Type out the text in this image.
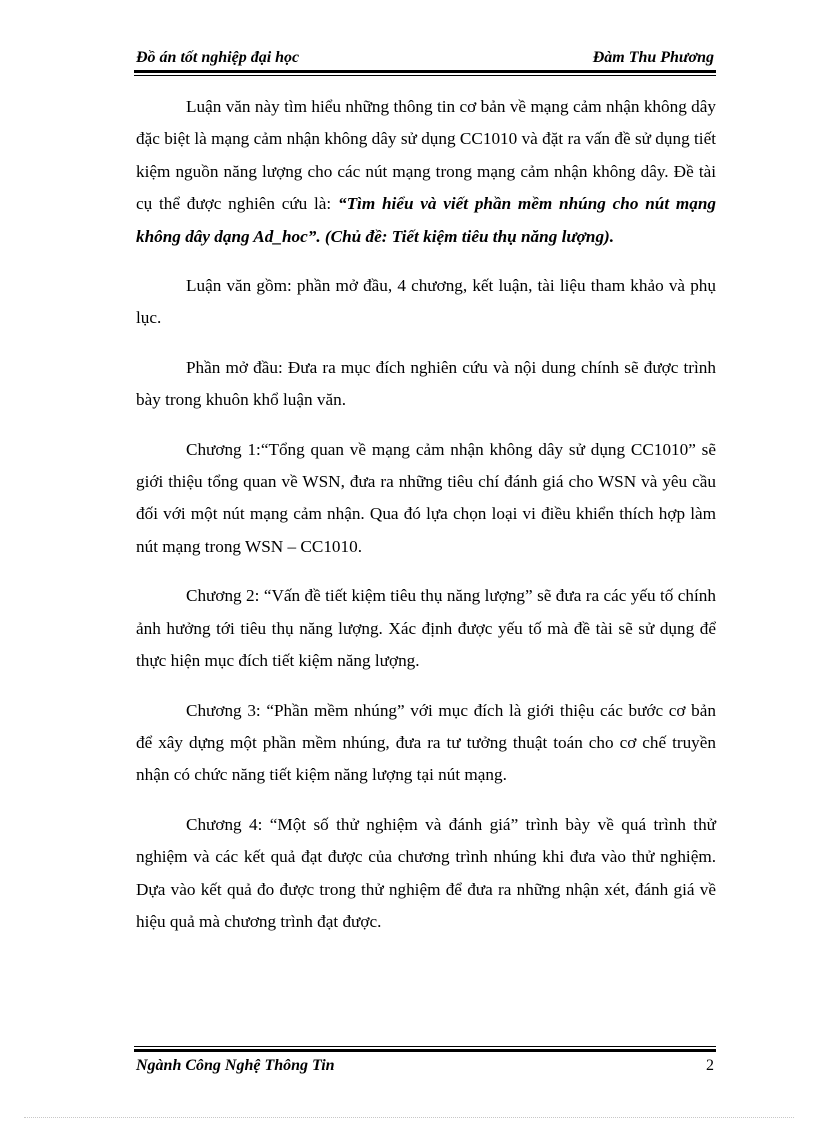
Đồ án tốt nghiệp đại học	Đàm Thu Phương

Luận văn này tìm hiểu những thông tin cơ bản về mạng cảm nhận không dây đặc biệt là mạng cảm nhận không dây sử dụng CC1010 và đặt ra vấn đề sử dụng tiết kiệm nguồn năng lượng cho các nút mạng trong mạng cảm nhận không dây. Đề tài cụ thể được nghiên cứu là: “Tìm hiểu và viết phần mềm nhúng cho nút mạng không dây dạng Ad_hoc”. (Chủ đề: Tiết kiệm tiêu thụ năng lượng).

Luận văn gồm: phần mở đầu, 4 chương, kết luận, tài liệu tham khảo và phụ lục.

Phần mở đầu: Đưa ra mục đích nghiên cứu và nội dung chính sẽ được trình bày trong khuôn khổ luận văn.

Chương 1:“Tổng quan về mạng cảm nhận không dây sử dụng CC1010” sẽ giới thiệu tổng quan về WSN, đưa ra những tiêu chí đánh giá cho WSN và yêu cầu đối với một nút mạng cảm nhận. Qua đó lựa chọn loại vi điều khiển thích hợp làm nút mạng trong WSN – CC1010.

Chương 2: “Vấn đề tiết kiệm tiêu thụ năng lượng” sẽ đưa ra các yếu tố chính ảnh hưởng tới tiêu thụ năng lượng. Xác định được yếu tố mà đề tài sẽ sử dụng để thực hiện mục đích tiết kiệm năng lượng.

Chương 3: “Phần mềm nhúng” với mục đích là giới thiệu các bước cơ bản để xây dựng một phần mềm nhúng, đưa ra tư tưởng thuật toán cho cơ chế truyền nhận có chức năng tiết kiệm năng lượng tại nút mạng.

Chương 4: “Một số thử nghiệm và đánh giá” trình bày về quá trình thử nghiệm và các kết quả đạt được của chương trình nhúng khi đưa vào thử nghiệm. Dựa vào kết quả đo được trong thử nghiệm để đưa ra những nhận xét, đánh giá về hiệu quả mà chương trình đạt được.

Ngành Công Nghệ Thông Tin	2
